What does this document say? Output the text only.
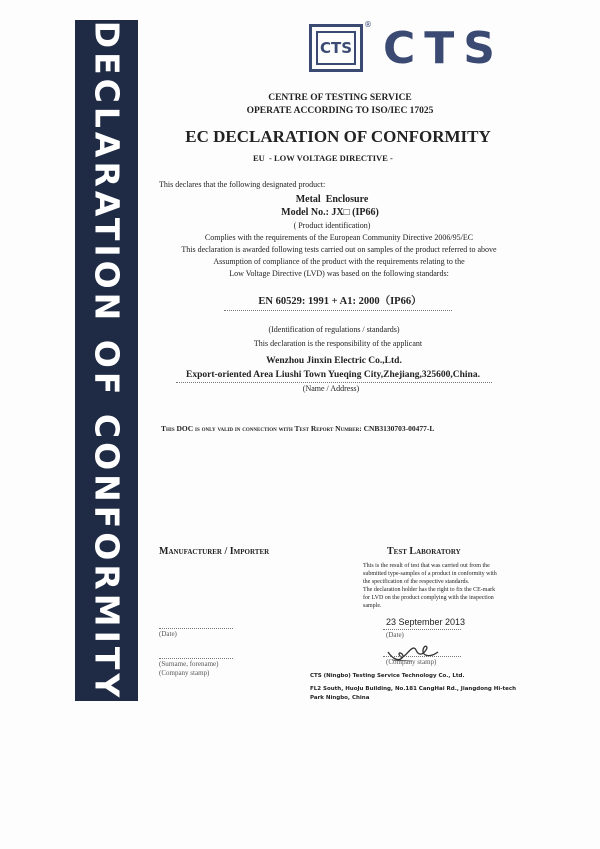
DECLARATION OF CONFORMITY	CTS
® CTS
CENTRE OF TESTING SERVICE
OPERATE ACCORDING TO ISO/IEC 17025
EC DECLARATION OF CONFORMITY
EU  - LOW VOLTAGE DIRECTIVE -
This declares that the following designated product:
Metal  Enclosure
Model No.: JX□ (IP66)
( Product identification)
Complies with the requirements of the European Community Directive 2006/95/EC
This declaration is awarded following tests carried out on samples of the product referred to above
Assumption of compliance of the product with the requirements relating to the
Low Voltage Directive (LVD) was based on the following standards:
EN 60529: 1991 + A1: 2000（IP66）
(Identification of regulations / standards)
This declaration is the responsibility of the applicant
Wenzhou Jinxin Electric Co.,Ltd.
Export-oriented Area Liushi Town Yueqing City,Zhejiang,325600,China.
(Name / Address)
This DOC is only valid in connection with Test Report Number: CNB3130703-00477-L
Manufacturer / Importer
(Date)
(Surname, forename)
(Company stamp)
Test Laboratory
This is the result of test that was carried out from the
submitted type-samples of a product in conformity with
the specification of the respective standards.
The declaration holder has the right to fix the CE-mark
for LVD on the product complying with the inspection
sample.
23 September 2013
(Date)
(Company stamp)
CTS (Ningbo) Testing Service Technology Co., Ltd.
FL2 South, HuoJu Building, No.181 CangHai Rd., Jiangdong Hi-tech
Park Ningbo, China
